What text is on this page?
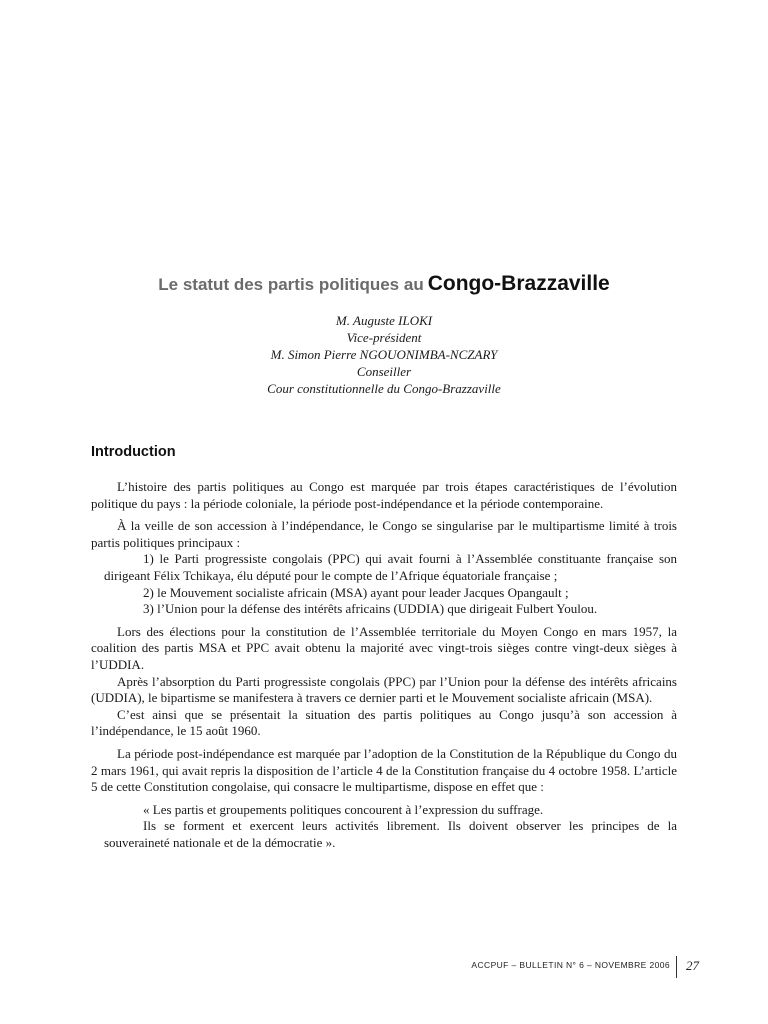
Le statut des partis politiques au Congo-Brazzaville
M. Auguste ILOKI
Vice-président
M. Simon Pierre NGOUONIMBA-NCZARY
Conseiller
Cour constitutionnelle du Congo-Brazzaville
Introduction

L’histoire des partis politiques au Congo est marquée par trois étapes caractéristiques de l’évolution politique du pays : la période coloniale, la période post-indépendance et la période contemporaine.

À la veille de son accession à l’indépendance, le Congo se singularise par le multipartisme limité à trois partis politiques principaux :

1) le Parti progressiste congolais (PPC) qui avait fourni à l’Assemblée constituante française son dirigeant Félix Tchikaya, élu député pour le compte de l’Afrique équatoriale française ;

2) le Mouvement socialiste africain (MSA) ayant pour leader Jacques Opangault ;

3) l’Union pour la défense des intérêts africains (UDDIA) que dirigeait Fulbert Youlou.

Lors des élections pour la constitution de l’Assemblée territoriale du Moyen Congo en mars 1957, la coalition des partis MSA et PPC avait obtenu la majorité avec vingt-trois sièges contre vingt-deux sièges à l’UDDIA.

Après l’absorption du Parti progressiste congolais (PPC) par l’Union pour la défense des intérêts africains (UDDIA), le bipartisme se manifestera à travers ce dernier parti et le Mouvement socialiste africain (MSA).

C’est ainsi que se présentait la situation des partis politiques au Congo jusqu’à son accession à l’indépendance, le 15 août 1960.

La période post-indépendance est marquée par l’adoption de la Constitution de la République du Congo du 2 mars 1961, qui avait repris la disposition de l’article 4 de la Constitution française du 4 octobre 1958. L’article 5 de cette Constitution congolaise, qui consacre le multipartisme, dispose en effet que :

« Les partis et groupements politiques concourent à l’expression du suffrage.

Ils se forment et exercent leurs activités librement. Ils doivent observer les principes de la souveraineté nationale et de la démocratie ».

ACCPUF – BULLETIN N° 6 – NOVEMBRE 2006 27
